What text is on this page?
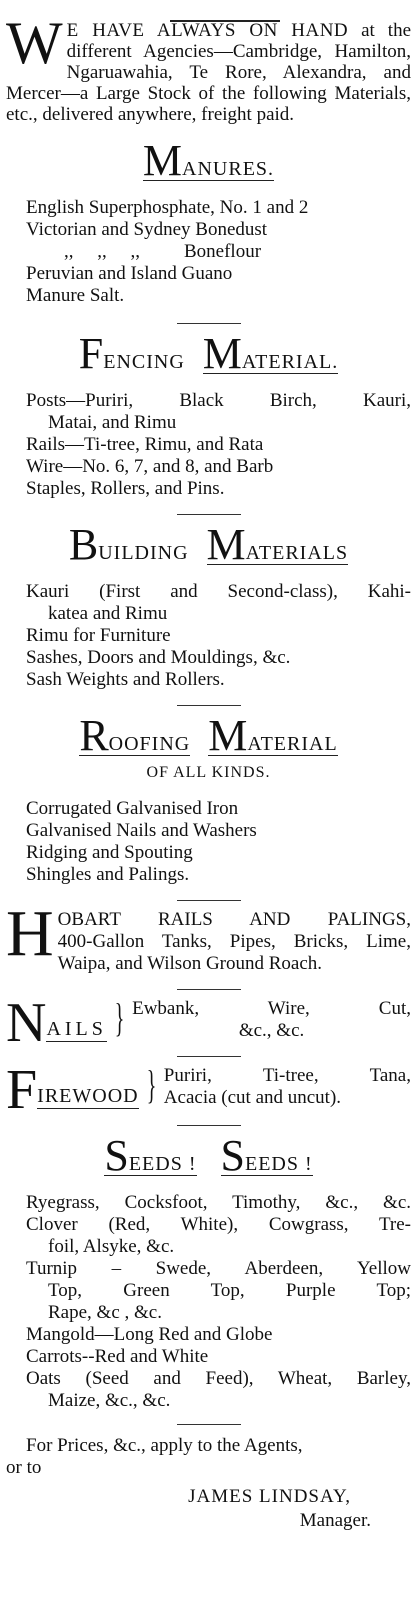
W E HAVE ALWAYS ON HAND at the different Agencies—Cambridge, Hamilton, Ngaruawahia, Te Rore, Alexandra, and Mercer—a Large Stock of the following Materials, etc., delivered anywhere, freight paid.
MANURES.
English Superphosphate, No. 1 and 2
Victorian and Sydney Bonedust
,,     ,,     ,, Boneflour
Peruvian and Island Guano
Manure Salt.
FENCING MATERIAL.
Posts—Puriri, Black Birch, Kauri,
Matai, and Rimu
Rails—Ti-tree, Rimu, and Rata
Wire—No. 6, 7, and 8, and Barb
Staples, Rollers, and Pins.
BUILDING MATERIALS
Kauri (First and Second-class), Kahi-
katea and Rimu
Rimu for Furniture
Sashes, Doors and Mouldings, &c.
Sash Weights and Rollers.
ROOFING MATERIAL
OF ALL KINDS.
Corrugated Galvanised Iron
Galvanised Nails and Washers
Ridging and Spouting
Shingles and Palings.
H OBART RAILS AND PALINGS,
400-Gallon Tanks, Pipes, Bricks, Lime, Waipa, and Wilson Ground Roach.
N AILS } Ewbank, Wire, Cut,
&c., &c.
F IREWOOD } Puriri, Ti-tree, Tana,
Acacia (cut and uncut).
SEEDS ! SEEDS !
Ryegrass, Cocksfoot, Timothy, &c., &c.
Clover (Red, White), Cowgrass, Tre-
foil, Alsyke, &c.
Turnip – Swede, Aberdeen, Yellow
Top, Green Top, Purple Top;
Rape, &c , &c.
Mangold—Long Red and Globe
Carrots--Red and White
Oats (Seed and Feed), Wheat, Barley,
Maize, &c., &c.
For Prices, &c., apply to the Agents,
or to
JAMES LINDSAY,
Manager.
